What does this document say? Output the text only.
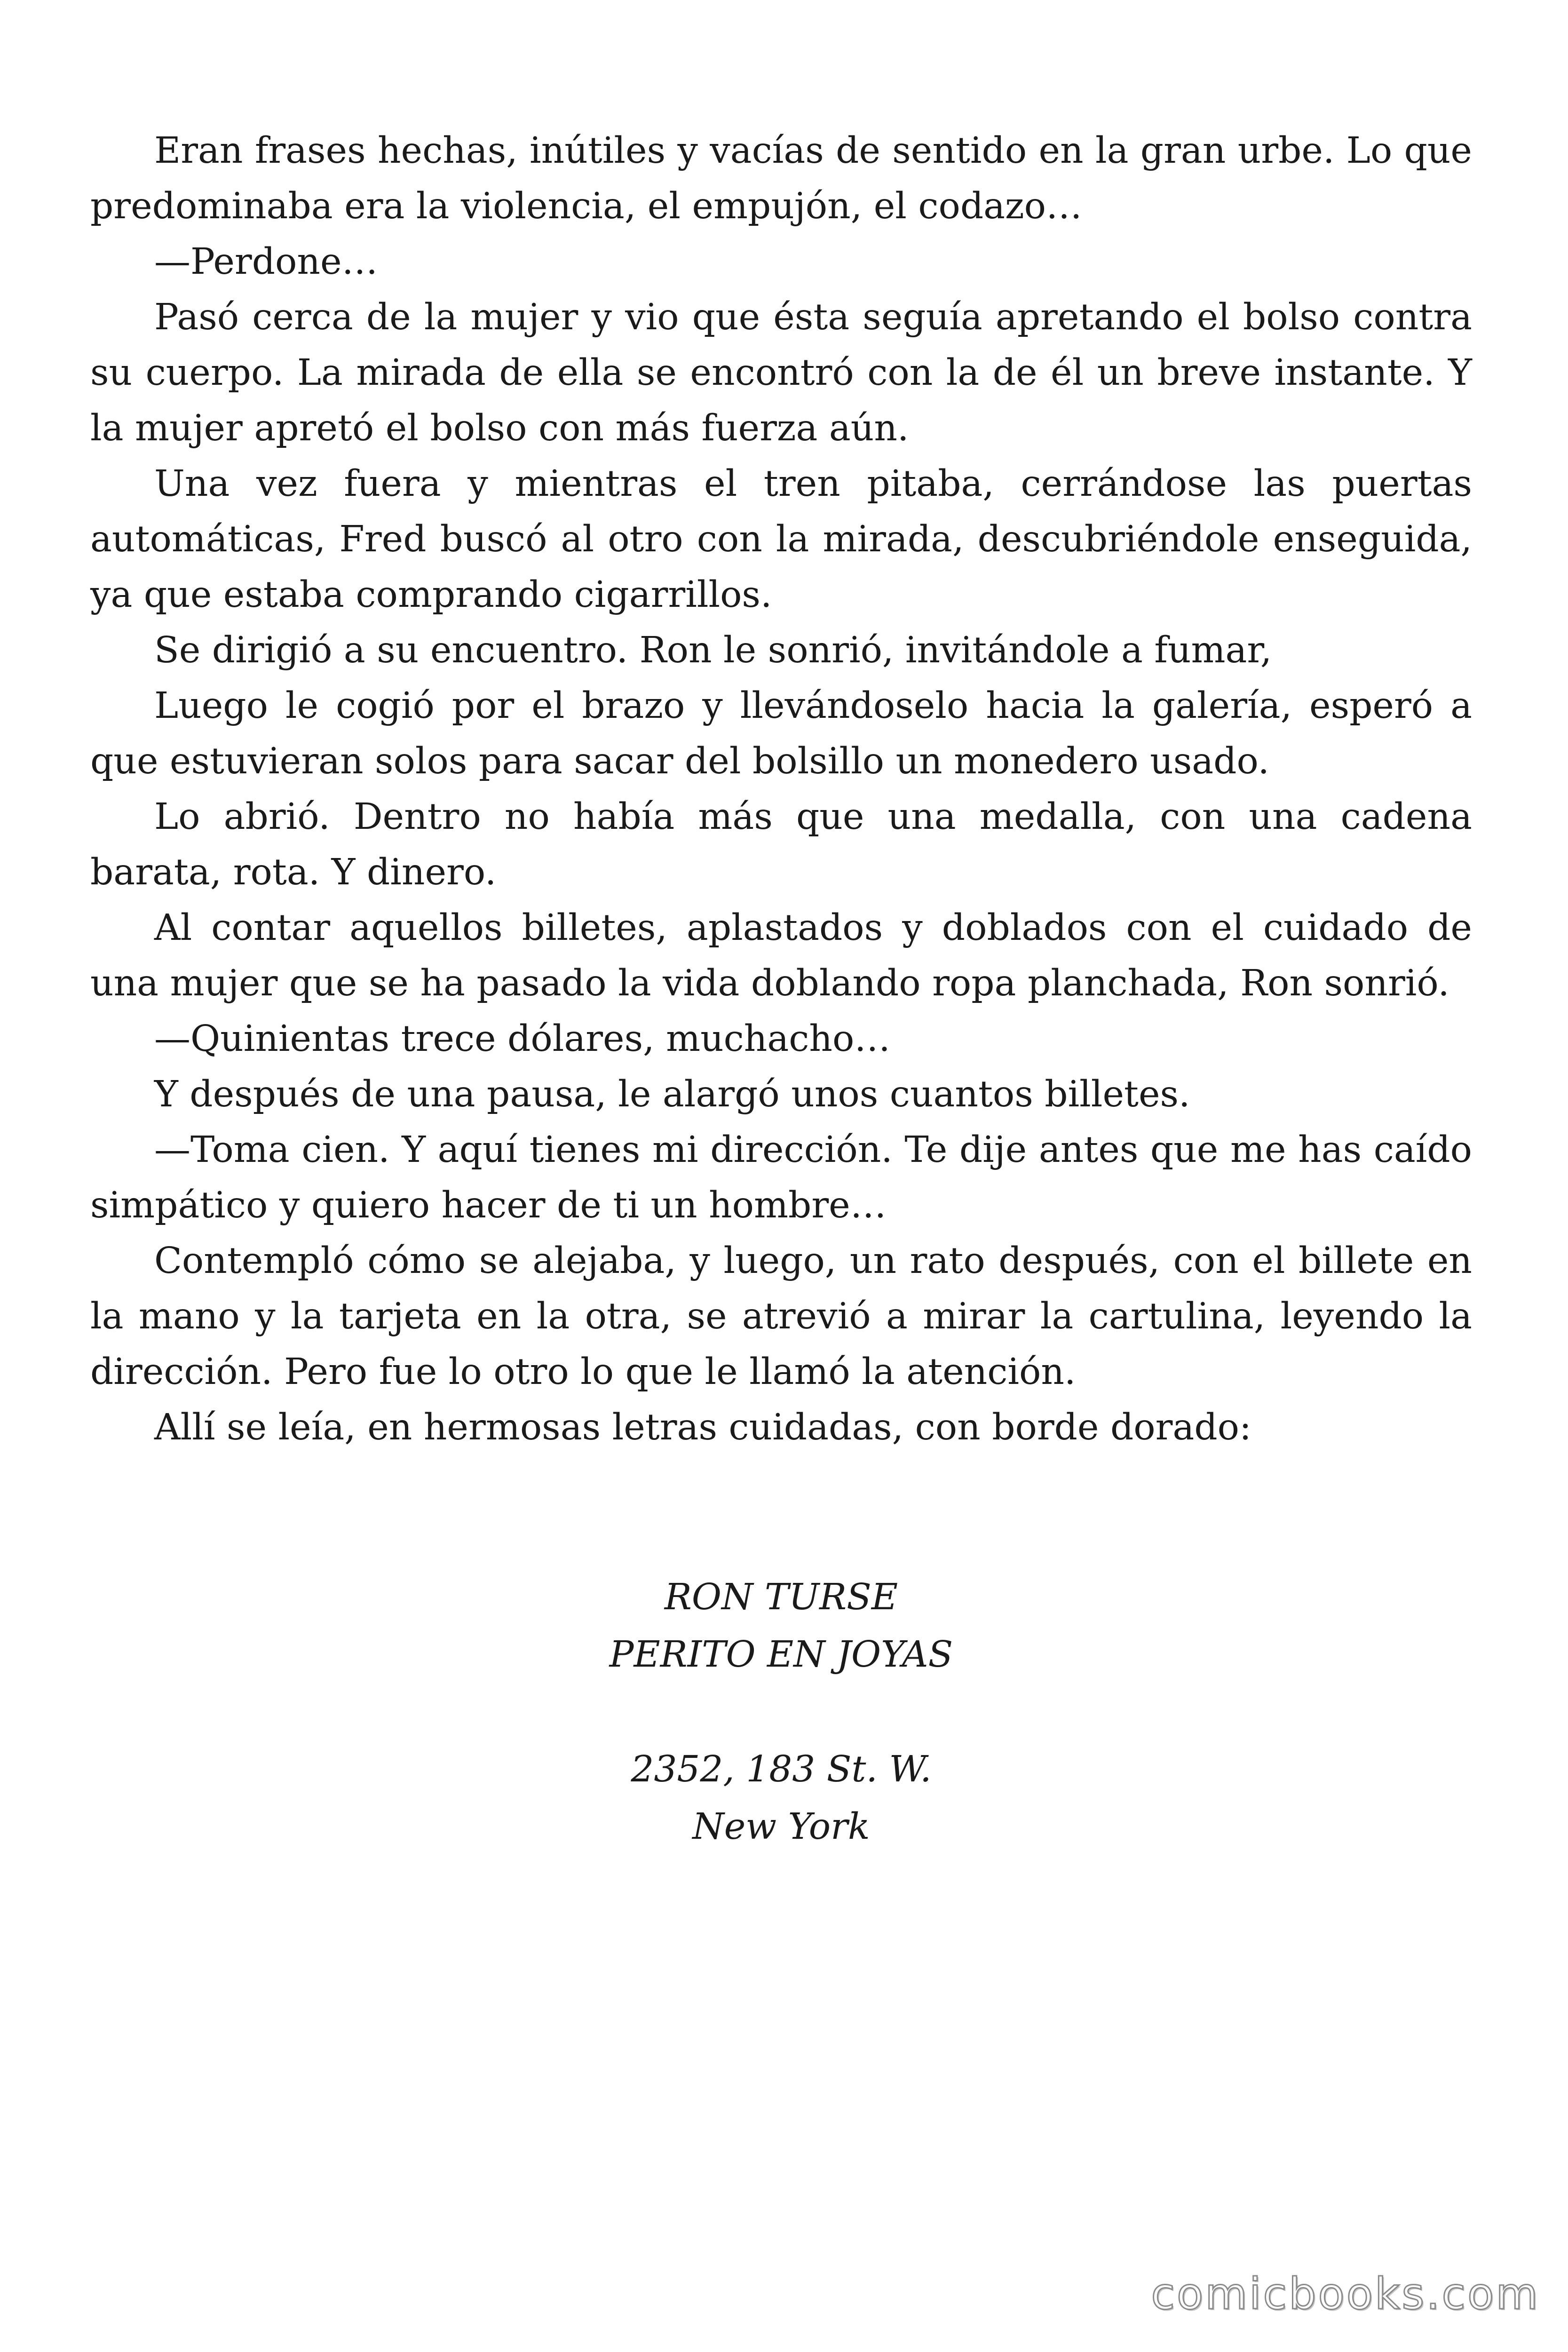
Eran frases hechas, inútiles y vacías de sentido en la gran urbe. Lo que predominaba era la violencia, el empujón, el codazo…

—Perdone…

Pasó cerca de la mujer y vio que ésta seguía apretando el bolso contra su cuerpo. La mirada de ella se encontró con la de él un breve instante. Y la mujer apretó el bolso con más fuerza aún.

Una vez fuera y mientras el tren pitaba, cerrándose las puertas automáticas, Fred buscó al otro con la mirada, descubriéndole enseguida, ya que estaba comprando cigarrillos.

Se dirigió a su encuentro. Ron le sonrió, invitándole a fumar,

Luego le cogió por el brazo y llevándoselo hacia la galería, esperó a que estuvieran solos para sacar del bolsillo un monedero usado.

Lo abrió. Dentro no había más que una medalla, con una cadena barata, rota. Y dinero.

Al contar aquellos billetes, aplastados y doblados con el cuidado de una mujer que se ha pasado la vida doblando ropa planchada, Ron sonrió.

—Quinientas trece dólares, muchacho…

Y después de una pausa, le alargó unos cuantos billetes.

—Toma cien. Y aquí tienes mi dirección. Te dije antes que me has caído simpático y quiero hacer de ti un hombre…

Contempló cómo se alejaba, y luego, un rato después, con el billete en la mano y la tarjeta en la otra, se atrevió a mirar la cartulina, leyendo la dirección. Pero fue lo otro lo que le llamó la atención.

Allí se leía, en hermosas letras cuidadas, con borde dorado:

RON TURSE
PERITO EN JOYAS
2352, 183 St. W.
New York
comicbooks.com
